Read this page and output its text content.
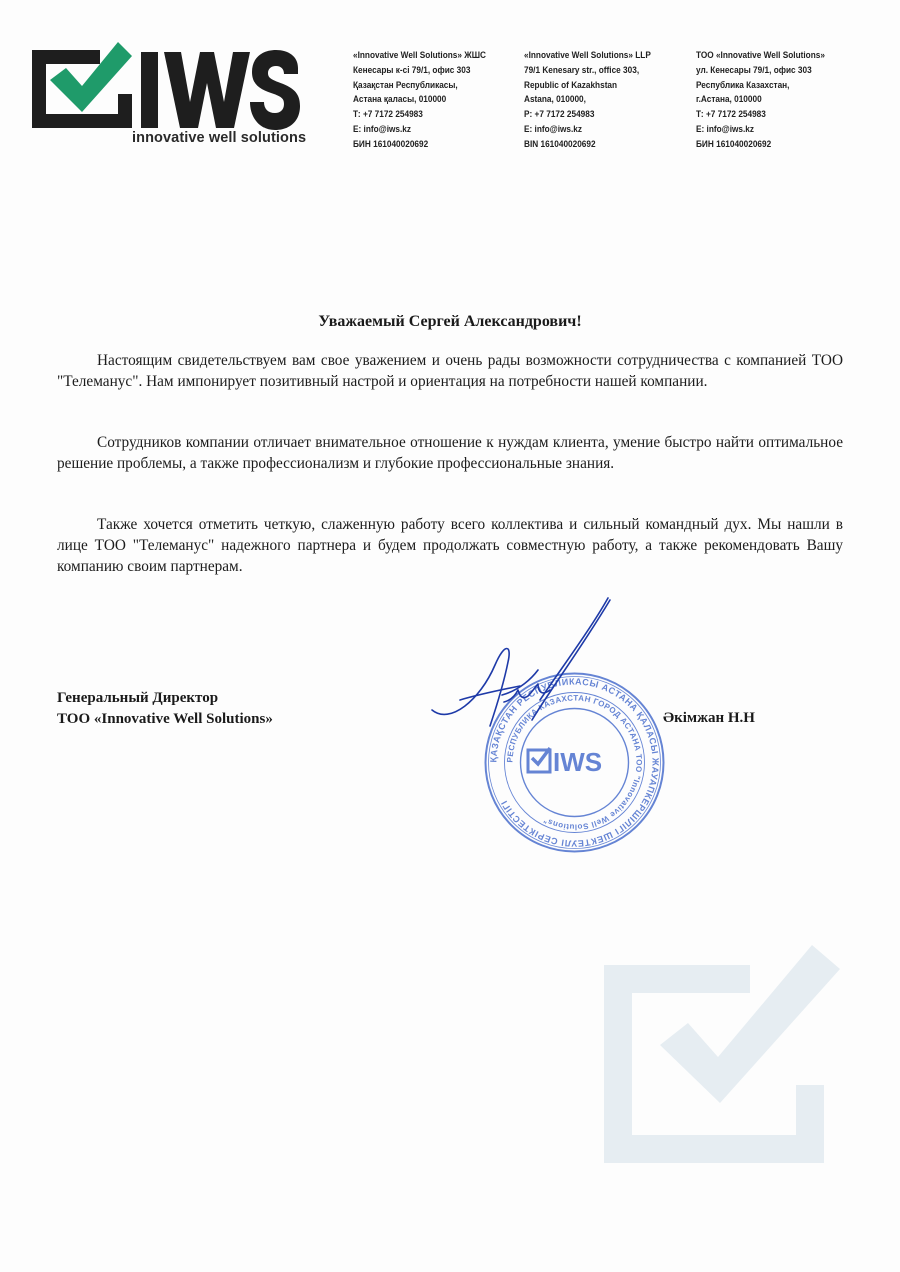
innovative well solutions
«Innovative Well Solutions» ЖШС
Кенесары к-сі 79/1, офис 303
Қазақстан Республикасы,
Астана қаласы, 010000
Т: +7 7172 254983
E: info@iws.kz
БИН 161040020692
«Innovative Well Solutions» LLP
79/1 Kenesary str., office 303,
Republic of Kazakhstan
Astana, 010000,
P: +7 7172 254983
E: info@iws.kz
BIN 161040020692
ТОО «Innovative Well Solutions»
ул. Кенесары 79/1, офис 303
Республика Казахстан,
г.Астана, 010000
Т: +7 7172 254983
E: info@iws.kz
БИН 161040020692
Уважаемый Сергей Александрович!
Настоящим свидетельствуем вам свое уважением и очень рады возможности сотрудничества с компанией ТОО "Телеманус". Нам импонирует позитивный настрой и ориентация на потребности нашей компании.
Сотрудников компании отличает внимательное отношение к нуждам клиента, умение быстро найти оптимальное решение проблемы, а также профессионализм и глубокие профессиональные знания.
Также хочется отметить четкую, слаженную работу всего коллектива и сильный командный дух. Мы нашли в лице ТОО "Телеманус" надежного партнера и будем продолжать совместную работу, а также рекомендовать Вашу компанию своим партнерам.
Генеральный Директор
ТОО «Innovative Well Solutions»	Әкімжан Н.Н
ҚАЗАҚСТАН РЕСПУБЛИКАСЫ АСТАНА ҚАЛАСЫ ЖАУАПКЕРШІЛІГІ ШЕКТЕУЛІ СЕРІКТЕСТІГІ
РЕСПУБЛИКА КАЗАХСТАН ГОРОД АСТАНА ТОО "Innovative Well Solutions"
IWS
